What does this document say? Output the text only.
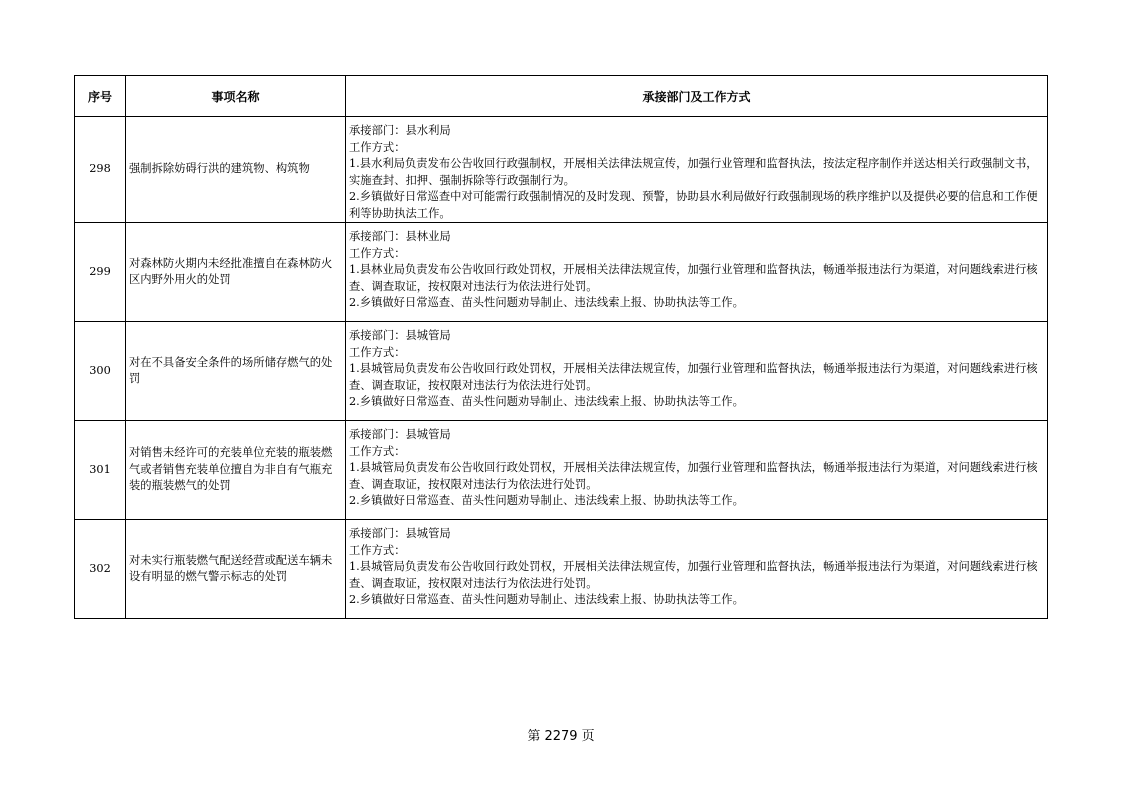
序号	事项名称	承接部门及工作方式
298	强制拆除妨碍行洪的建筑物、构筑物	承接部门：县水利局
工作方式：
1.县水利局负责发布公告收回行政强制权，开展相关法律法规宣传，加强行业管理和监督执法，按法定程序制作并送达相关行政强制文书，实施查封、扣押、强制拆除等行政强制行为。
2.乡镇做好日常巡查中对可能需行政强制情况的及时发现、预警，协助县水利局做好行政强制现场的秩序维护以及提供必要的信息和工作便利等协助执法工作。

299	对森林防火期内未经批准擅自在森林防火区内野外用火的处罚	承接部门：县林业局
工作方式：
1.县林业局负责发布公告收回行政处罚权，开展相关法律法规宣传，加强行业管理和监督执法，畅通举报违法行为渠道，对问题线索进行核查、调查取证，按权限对违法行为依法进行处罚。
2.乡镇做好日常巡查、苗头性问题劝导制止、违法线索上报、协助执法等工作。

300	对在不具备安全条件的场所储存燃气的处罚	承接部门：县城管局
工作方式：
1.县城管局负责发布公告收回行政处罚权，开展相关法律法规宣传，加强行业管理和监督执法，畅通举报违法行为渠道，对问题线索进行核查、调查取证，按权限对违法行为依法进行处罚。
2.乡镇做好日常巡查、苗头性问题劝导制止、违法线索上报、协助执法等工作。

301	对销售未经许可的充装单位充装的瓶装燃气或者销售充装单位擅自为非自有气瓶充装的瓶装燃气的处罚	承接部门：县城管局
工作方式：
1.县城管局负责发布公告收回行政处罚权，开展相关法律法规宣传，加强行业管理和监督执法，畅通举报违法行为渠道，对问题线索进行核查、调查取证，按权限对违法行为依法进行处罚。
2.乡镇做好日常巡查、苗头性问题劝导制止、违法线索上报、协助执法等工作。

302	对未实行瓶装燃气配送经营或配送车辆未设有明显的燃气警示标志的处罚	承接部门：县城管局
工作方式：
1.县城管局负责发布公告收回行政处罚权，开展相关法律法规宣传，加强行业管理和监督执法，畅通举报违法行为渠道，对问题线索进行核查、调查取证，按权限对违法行为依法进行处罚。
2.乡镇做好日常巡查、苗头性问题劝导制止、违法线索上报、协助执法等工作。
第 2279 页
